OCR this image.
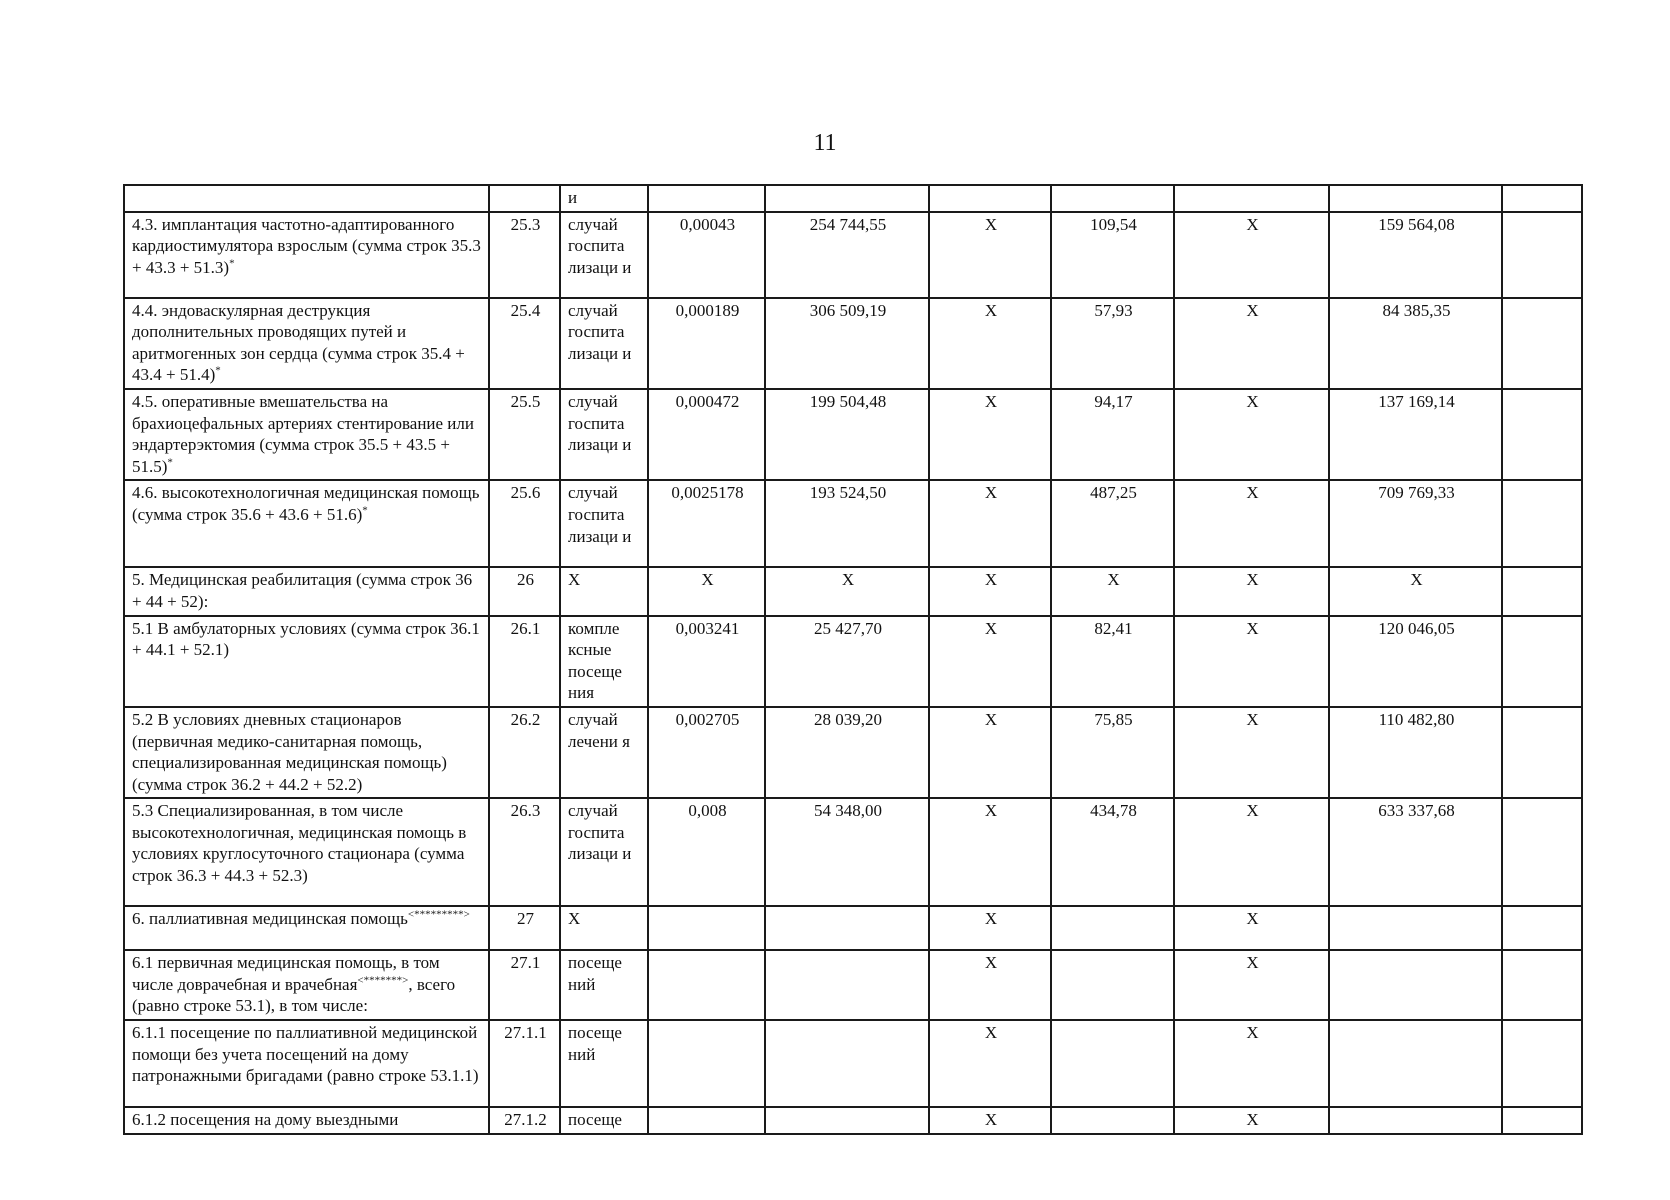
11
		и							
4.3. имплантация частотно-адаптированного кардиостимулятора взрослым (сумма строк 35.3 + 43.3 + 51.3)*	25.3	случай госпита лизаци и	0,00043	254 744,55	X	109,54	X	159 564,08	
4.4. эндоваскулярная деструкция дополнительных проводящих путей и аритмогенных зон сердца (сумма строк 35.4 + 43.4 + 51.4)*	25.4	случай госпита лизаци и	0,000189	306 509,19	X	57,93	X	84 385,35	
4.5. оперативные вмешательства на брахиоцефальных артериях стентирование или эндартерэктомия (сумма строк 35.5 + 43.5 + 51.5)*	25.5	случай госпита лизаци и	0,000472	199 504,48	X	94,17	X	137 169,14	
4.6. высокотехнологичная медицинская помощь (сумма строк 35.6 + 43.6 + 51.6)*	25.6	случай госпита лизаци и	0,0025178	193 524,50	X	487,25	X	709 769,33	
5. Медицинская реабилитация (сумма строк 36 + 44 + 52):	26	X	X	X	X	X	X	X	
5.1 В амбулаторных условиях (сумма строк 36.1 + 44.1 + 52.1)	26.1	компле ксные посеще ния	0,003241	25 427,70	X	82,41	X	120 046,05	
5.2 В условиях дневных стационаров (первичная медико-санитарная помощь, специализированная медицинская помощь) (сумма строк 36.2 + 44.2 + 52.2)	26.2	случай лечени я	0,002705	28 039,20	X	75,85	X	110 482,80	
5.3 Специализированная, в том числе высокотехнологичная, медицинская помощь в условиях круглосуточного стационара (сумма строк 36.3 + 44.3 + 52.3)	26.3	случай госпита лизаци и	0,008	54 348,00	X	434,78	X	633 337,68	
6. паллиативная медицинская помощь<*********>	27	X			X		X		
6.1 первичная медицинская помощь, в том числе доврачебная и врачебная<*******>, всего (равно строке 53.1), в том числе:	27.1	посеще ний			X		X		
6.1.1 посещение по паллиативной медицинской помощи без учета посещений на дому патронажными бригадами (равно строке 53.1.1)	27.1.1	посеще ний			X		X		
6.1.2 посещения на дому выездными	27.1.2	посеще			X		X		
